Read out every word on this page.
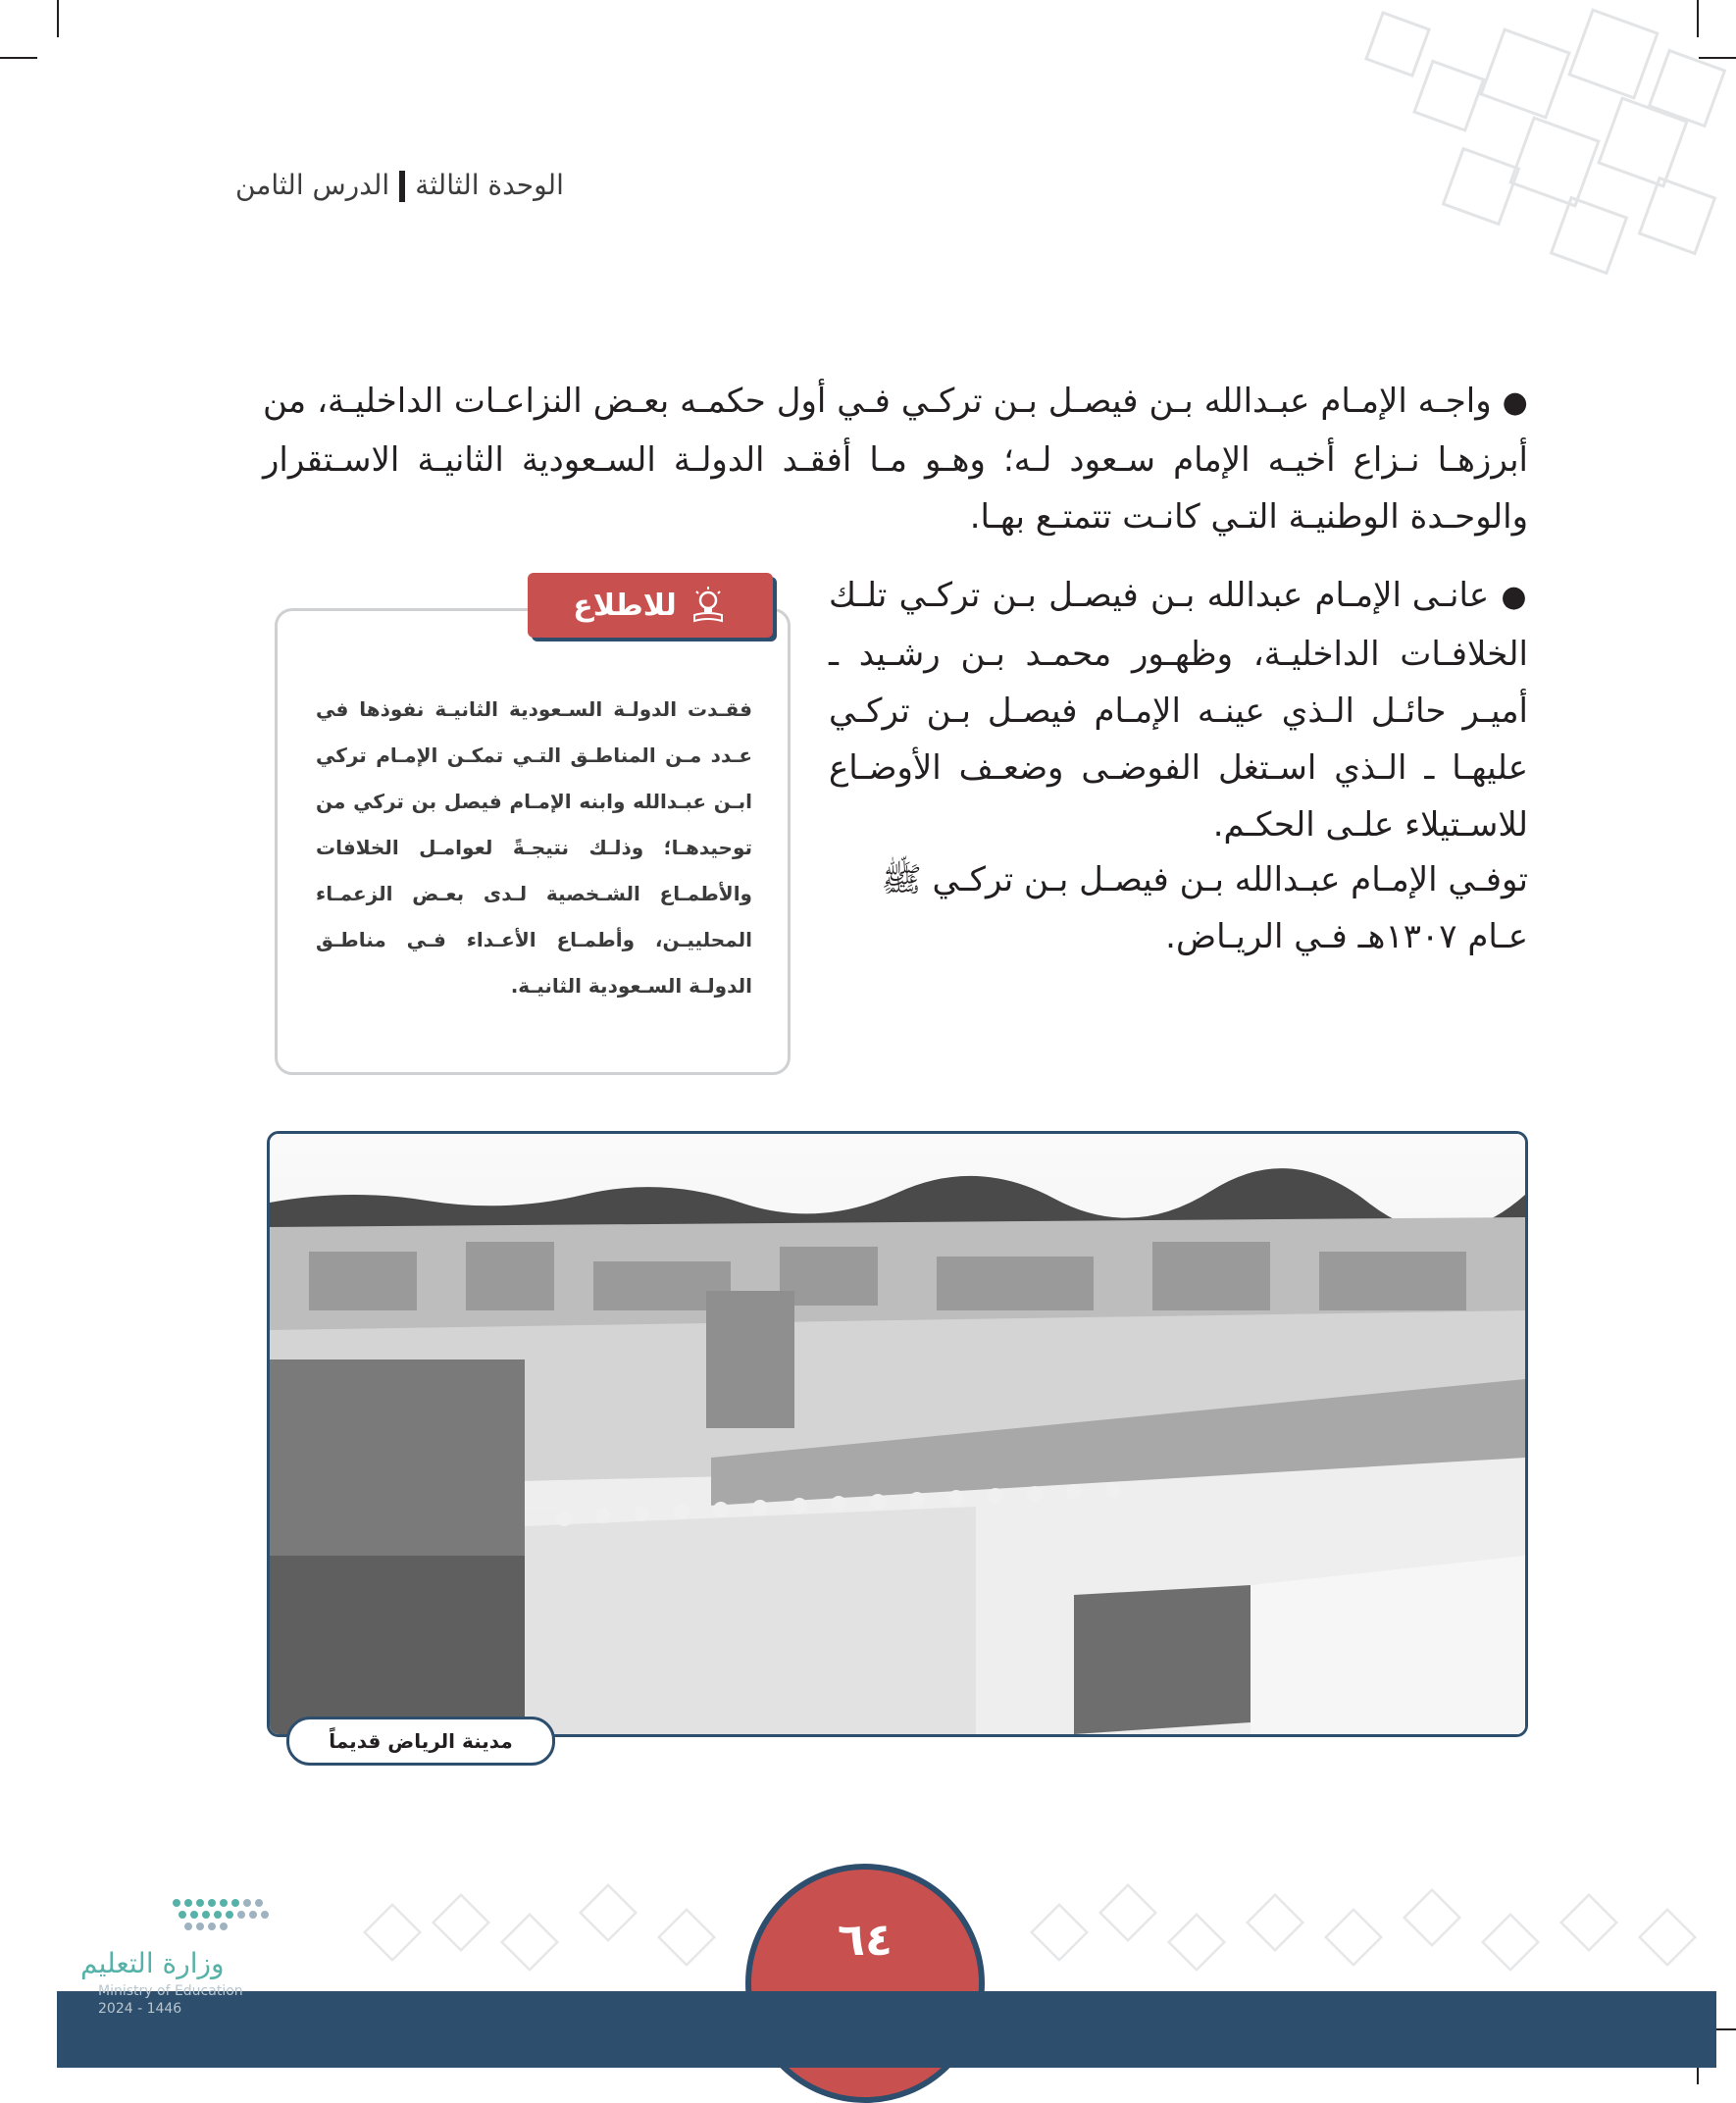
الوحدة الثالثةالدرس الثامن

● واجـه الإمـام عبـدالله بـن فيصـل بـن تركـي فـي أول حكمـه بعـض النزاعـات الداخليـة، من أبرزهـا نـزاع أخيـه الإمام سـعود لـه؛ وهـو مـا أفقـد الدولـة السـعودية الثانيـة الاسـتقرار والوحـدة الوطنيـة التـي كانـت تتمتـع بهـا.

● عانـى الإمـام عبدالله بـن فيصـل بـن تركـي تلـك الخلافـات الداخليـة، وظهـور محمـد بـن رشـيد ـ أميـر حائـل الـذي عينـه الإمـام فيصـل بـن تركـي عليهـا ـ الـذي اسـتغل الفوضـى وضعـف الأوضـاع للاسـتيلاء علـى الحكـم.

توفـي الإمـام عبـدالله بـن فيصـل بـن تركـي ﷺ عـام ١٣٠٧هـ فـي الريـاض.

للاطلاع

فقـدت الدولـة السـعودية الثانيـة نفوذها في عـدد مـن المناطـق التـي تمكـن الإمـام تركي ابـن عبـدالله وابنه الإمـام فيصل بن تركي من توحيدهـا؛ وذلـك نتيجـةً لعوامـل الخلافات والأطمـاع الشـخصية لـدى بعـض الزعمـاء المحلييـن، وأطمـاع الأعـداء فـي مناطـق الدولـة السـعودية الثانيـة.

مدينة الرياض قديماً
٦٤
وزارة التعليم
Ministry of Education
2024 - 1446
